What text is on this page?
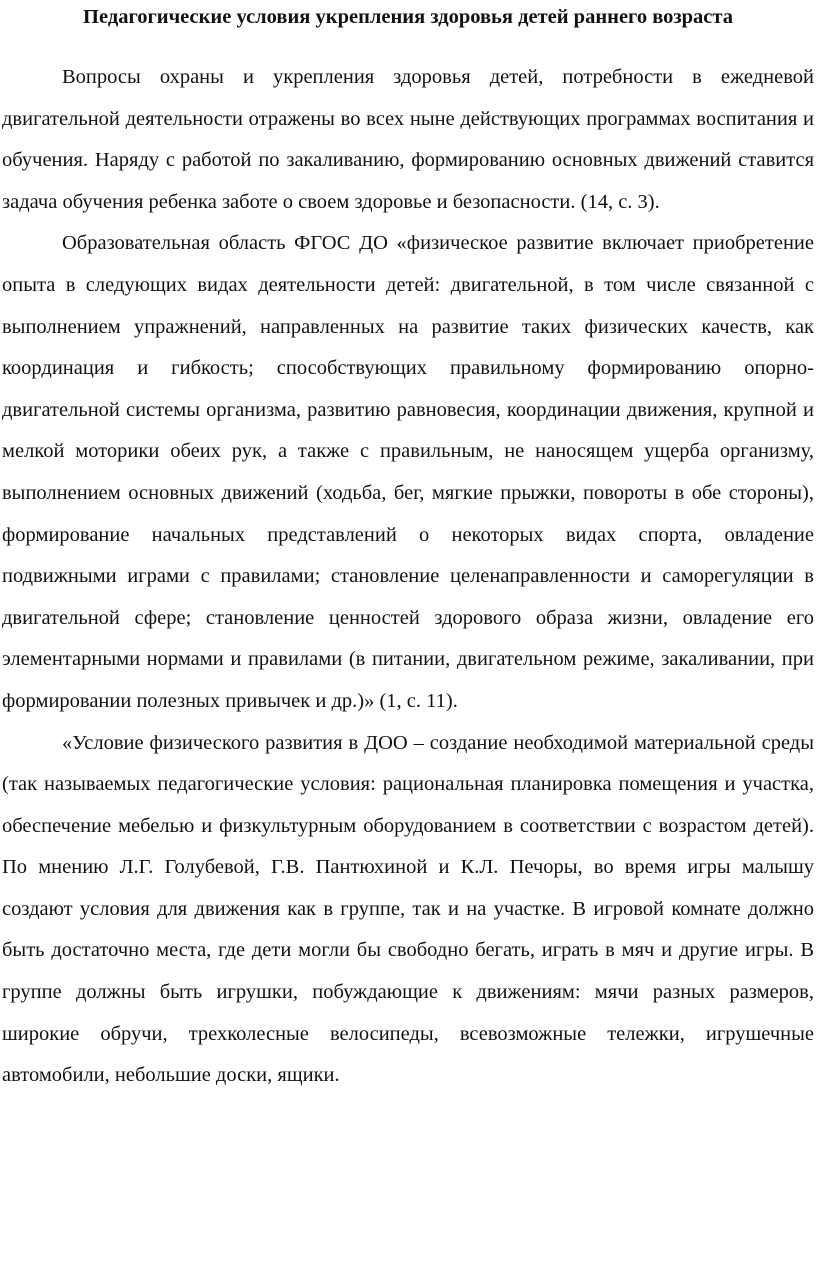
Педагогические условия укрепления здоровья детей раннего возраста

Вопросы охраны и укрепления здоровья детей, потребности в ежедневой двигательной деятельности отражены во всех ныне действующих программах воспитания и обучения. Наряду с работой по закаливанию, формированию основных движений ставится задача обучения ребенка заботе о своем здоровье и безопасности. (14, с. 3).

Образовательная область ФГОС ДО «физическое развитие включает приобретение опыта в следующих видах деятельности детей: двигательной, в том числе связанной с выполнением упражнений, направленных на развитие таких физических качеств, как координация и гибкость; способствующих правильному формированию опорно-двигательной системы организма, развитию равновесия, координации движения, крупной и мелкой моторики обеих рук, а также с правильным, не наносящем ущерба организму, выполнением основных движений (ходьба, бег, мягкие прыжки, повороты в обе стороны), формирование начальных представлений о некоторых видах спорта, овладение подвижными играми с правилами; становление целенаправленности и саморегуляции в двигательной сфере; становление ценностей здорового образа жизни, овладение его элементарными нормами и правилами (в питании, двигательном режиме, закаливании, при формировании полезных привычек и др.)» (1, с. 11).

«Условие физического развития в ДОО – создание необходимой материальной среды (так называемых педагогические условия: рациональная планировка помещения и участка, обеспечение мебелью и физкультурным оборудованием в соответствии с возрастом детей). По мнению Л.Г. Голубевой, Г.В. Пантюхиной и К.Л. Печоры, во время игры малышу создают условия для движения как в группе, так и на участке. В игровой комнате должно быть достаточно места, где дети могли бы свободно бегать, играть в мяч и другие игры. В группе должны быть игрушки, побуждающие к движениям: мячи разных размеров, широкие обручи, трехколесные велосипеды, всевозможные тележки, игрушечные автомобили, небольшие доски, ящики.
